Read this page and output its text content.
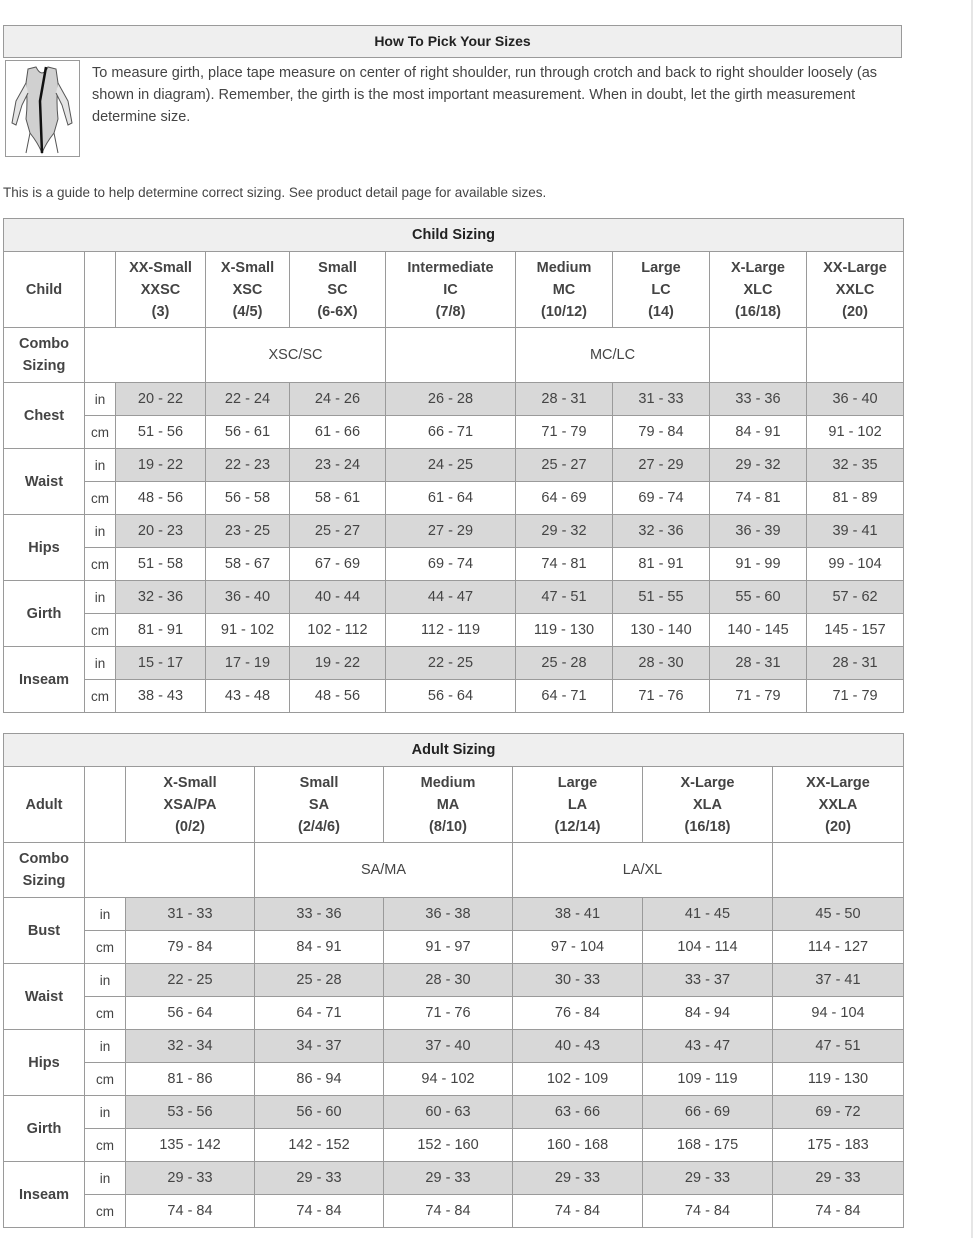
How To Pick Your Sizes

To measure girth, place tape measure on center of right shoulder, run through crotch and back to right shoulder loosely (as shown in diagram). Remember, the girth is the most important measurement. When in doubt, let the girth measurement determine size.

This is a guide to help determine correct sizing. See product detail page for available sizes.

Child Sizing									
Child		XX-Small
XXSC
(3)	X-Small
XSC
(4/5)	Small
SC
(6-6X)	Intermediate
IC
(7/8)	Medium
MC
(10/12)	Large
LC
(14)	X-Large
XLC
(16/18)	XX-Large
XXLC
(20)
Combo Sizing			XSC/SC			MC/LC			
Chest	in	20 - 22	22 - 24	24 - 26	26 - 28	28 - 31	31 - 33	33 - 36	36 - 40
	cm	51 - 56	56 - 61	61 - 66	66 - 71	71 - 79	79 - 84	84 - 91	91 - 102
Waist	in	19 - 22	22 - 23	23 - 24	24 - 25	25 - 27	27 - 29	29 - 32	32 - 35
	cm	48 - 56	56 - 58	58 - 61	61 - 64	64 - 69	69 - 74	74 - 81	81 - 89
Hips	in	20 - 23	23 - 25	25 - 27	27 - 29	29 - 32	32 - 36	36 - 39	39 - 41
	cm	51 - 58	58 - 67	67 - 69	69 - 74	74 - 81	81 - 91	91 - 99	99 - 104
Girth	in	32 - 36	36 - 40	40 - 44	44 - 47	47 - 51	51 - 55	55 - 60	57 - 62
	cm	81 - 91	91 - 102	102 - 112	112 - 119	119 - 130	130 - 140	140 - 145	145 - 157
Inseam	in	15 - 17	17 - 19	19 - 22	22 - 25	25 - 28	28 - 30	28 - 31	28 - 31
	cm	38 - 43	43 - 48	48 - 56	56 - 64	64 - 71	71 - 76	71 - 79	71 - 79
Adult Sizing							
Adult		X-Small
XSA/PA
(0/2)	Small
SA
(2/4/6)	Medium
MA
(8/10)	Large
LA
(12/14)	X-Large
XLA
(16/18)	XX-Large
XXLA
(20)
Combo Sizing			SA/MA		LA/XL		
Bust	in	31 - 33	33 - 36	36 - 38	38 - 41	41 - 45	45 - 50
	cm	79 - 84	84 - 91	91 - 97	97 - 104	104 - 114	114 - 127
Waist	in	22 - 25	25 - 28	28 - 30	30 - 33	33 - 37	37 - 41
	cm	56 - 64	64 - 71	71 - 76	76 - 84	84 - 94	94 - 104
Hips	in	32 - 34	34 - 37	37 - 40	40 - 43	43 - 47	47 - 51
	cm	81 - 86	86 - 94	94 - 102	102 - 109	109 - 119	119 - 130
Girth	in	53 - 56	56 - 60	60 - 63	63 - 66	66 - 69	69 - 72
	cm	135 - 142	142 - 152	152 - 160	160 - 168	168 - 175	175 - 183
Inseam	in	29 - 33	29 - 33	29 - 33	29 - 33	29 - 33	29 - 33
	cm	74 - 84	74 - 84	74 - 84	74 - 84	74 - 84	74 - 84
